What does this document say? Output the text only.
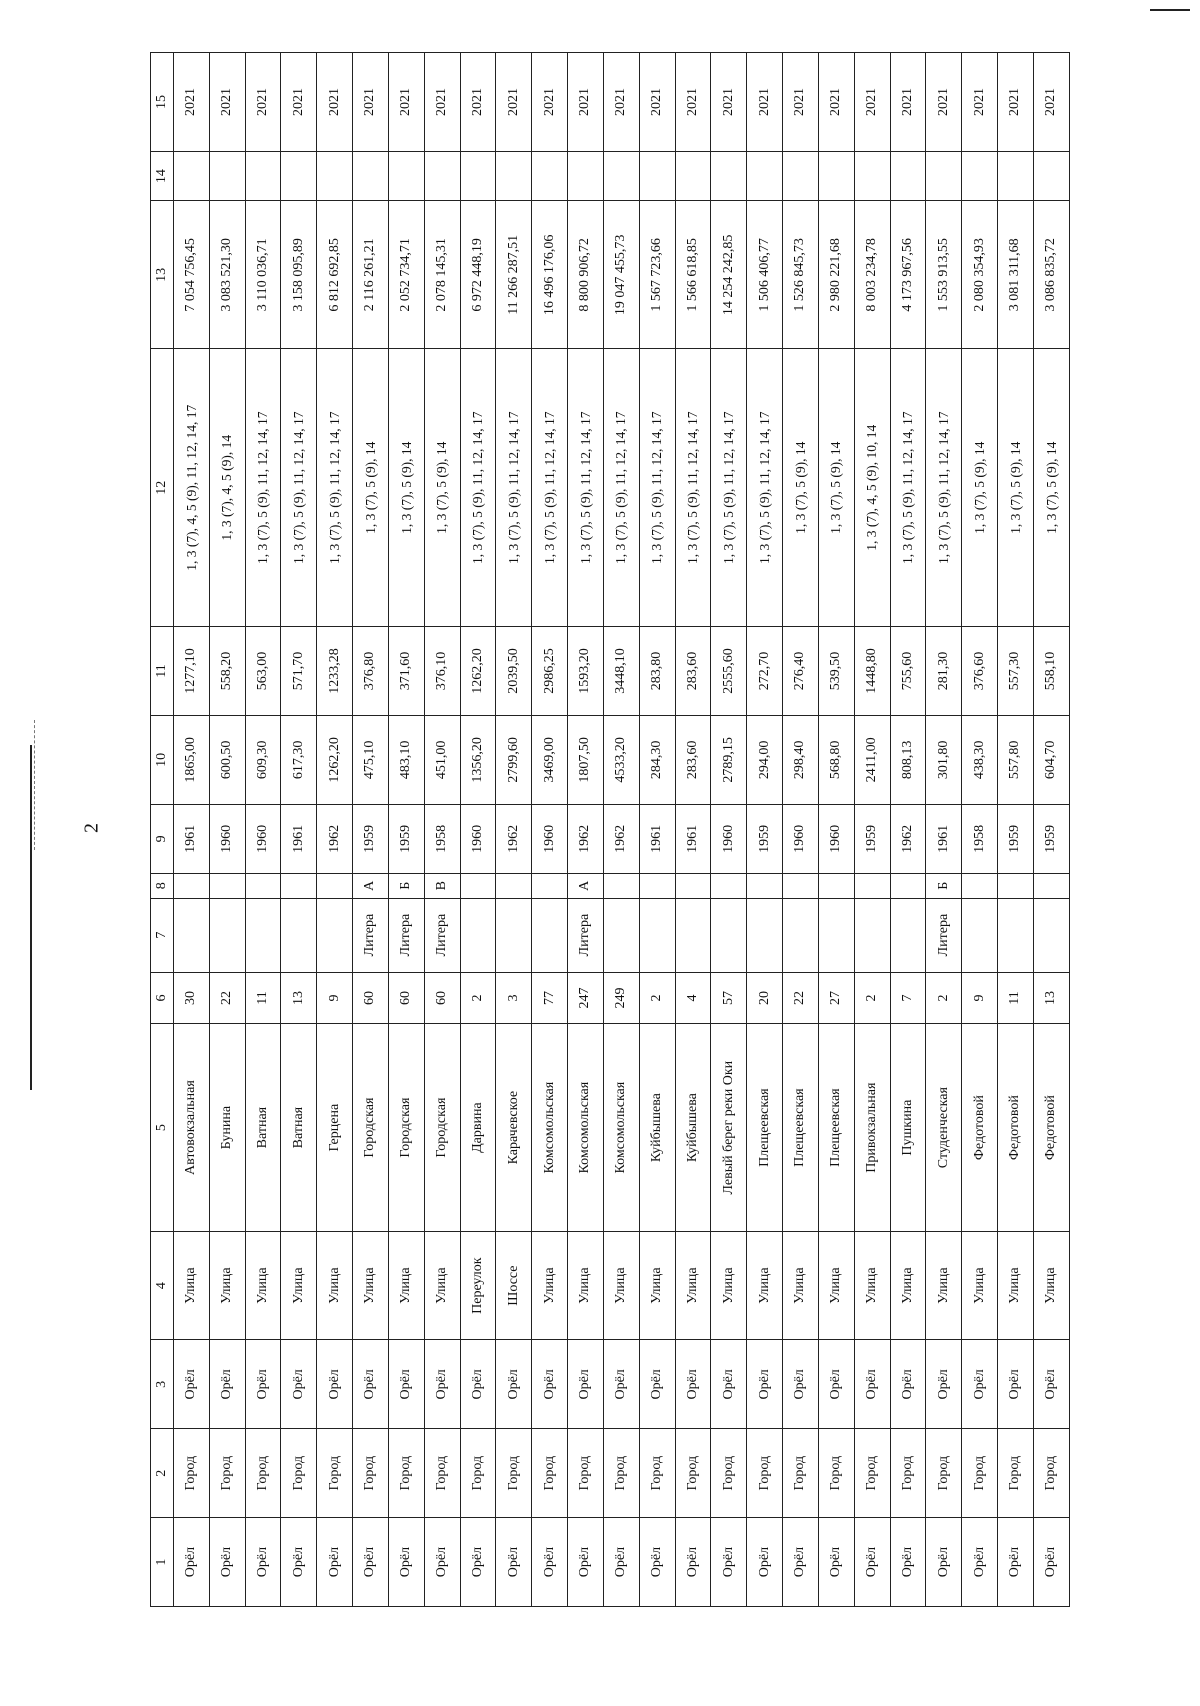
2
1	2	3	4	5	6	7	8	9	10	11	12	13	14	15
Орёл	Город	Орёл	Улица	Автовокзальная	30			1961	1865,00	1277,10	1, 3 (7), 4, 5 (9), 11, 12, 14, 17	7 054 756,45		2021
Орёл	Город	Орёл	Улица	Бунина	22			1960	600,50	558,20	1, 3 (7), 4, 5 (9), 14	3 083 521,30		2021
Орёл	Город	Орёл	Улица	Ватная	11			1960	609,30	563,00	1, 3 (7), 5 (9), 11, 12, 14, 17	3 110 036,71		2021
Орёл	Город	Орёл	Улица	Ватная	13			1961	617,30	571,70	1, 3 (7), 5 (9), 11, 12, 14, 17	3 158 095,89		2021
Орёл	Город	Орёл	Улица	Герцена	9			1962	1262,20	1233,28	1, 3 (7), 5 (9), 11, 12, 14, 17	6 812 692,85		2021
Орёл	Город	Орёл	Улица	Городская	60	Литера	А	1959	475,10	376,80	1, 3 (7), 5 (9), 14	2 116 261,21		2021
Орёл	Город	Орёл	Улица	Городская	60	Литера	Б	1959	483,10	371,60	1, 3 (7), 5 (9), 14	2 052 734,71		2021
Орёл	Город	Орёл	Улица	Городская	60	Литера	В	1958	451,00	376,10	1, 3 (7), 5 (9), 14	2 078 145,31		2021
Орёл	Город	Орёл	Переулок	Дарвина	2			1960	1356,20	1262,20	1, 3 (7), 5 (9), 11, 12, 14, 17	6 972 448,19		2021
Орёл	Город	Орёл	Шоссе	Карачевское	3			1962	2799,60	2039,50	1, 3 (7), 5 (9), 11, 12, 14, 17	11 266 287,51		2021
Орёл	Город	Орёл	Улица	Комсомольская	77			1960	3469,00	2986,25	1, 3 (7), 5 (9), 11, 12, 14, 17	16 496 176,06		2021
Орёл	Город	Орёл	Улица	Комсомольская	247	Литера	А	1962	1807,50	1593,20	1, 3 (7), 5 (9), 11, 12, 14, 17	8 800 906,72		2021
Орёл	Город	Орёл	Улица	Комсомольская	249			1962	4533,20	3448,10	1, 3 (7), 5 (9), 11, 12, 14, 17	19 047 455,73		2021
Орёл	Город	Орёл	Улица	Куйбышева	2			1961	284,30	283,80	1, 3 (7), 5 (9), 11, 12, 14, 17	1 567 723,66		2021
Орёл	Город	Орёл	Улица	Куйбышева	4			1961	283,60	283,60	1, 3 (7), 5 (9), 11, 12, 14, 17	1 566 618,85		2021
Орёл	Город	Орёл	Улица	Левый берег реки Оки	57			1960	2789,15	2555,60	1, 3 (7), 5 (9), 11, 12, 14, 17	14 254 242,85		2021
Орёл	Город	Орёл	Улица	Плещеевская	20			1959	294,00	272,70	1, 3 (7), 5 (9), 11, 12, 14, 17	1 506 406,77		2021
Орёл	Город	Орёл	Улица	Плещеевская	22			1960	298,40	276,40	1, 3 (7), 5 (9), 14	1 526 845,73		2021
Орёл	Город	Орёл	Улица	Плещеевская	27			1960	568,80	539,50	1, 3 (7), 5 (9), 14	2 980 221,68		2021
Орёл	Город	Орёл	Улица	Привокзальная	2			1959	2411,00	1448,80	1, 3 (7), 4, 5 (9), 10, 14	8 003 234,78		2021
Орёл	Город	Орёл	Улица	Пушкина	7			1962	808,13	755,60	1, 3 (7), 5 (9), 11, 12, 14, 17	4 173 967,56		2021
Орёл	Город	Орёл	Улица	Студенческая	2	Литера	Б	1961	301,80	281,30	1, 3 (7), 5 (9), 11, 12, 14, 17	1 553 913,55		2021
Орёл	Город	Орёл	Улица	Федотовой	9			1958	438,30	376,60	1, 3 (7), 5 (9), 14	2 080 354,93		2021
Орёл	Город	Орёл	Улица	Федотовой	11			1959	557,80	557,30	1, 3 (7), 5 (9), 14	3 081 311,68		2021
Орёл	Город	Орёл	Улица	Федотовой	13			1959	604,70	558,10	1, 3 (7), 5 (9), 14	3 086 835,72		2021
